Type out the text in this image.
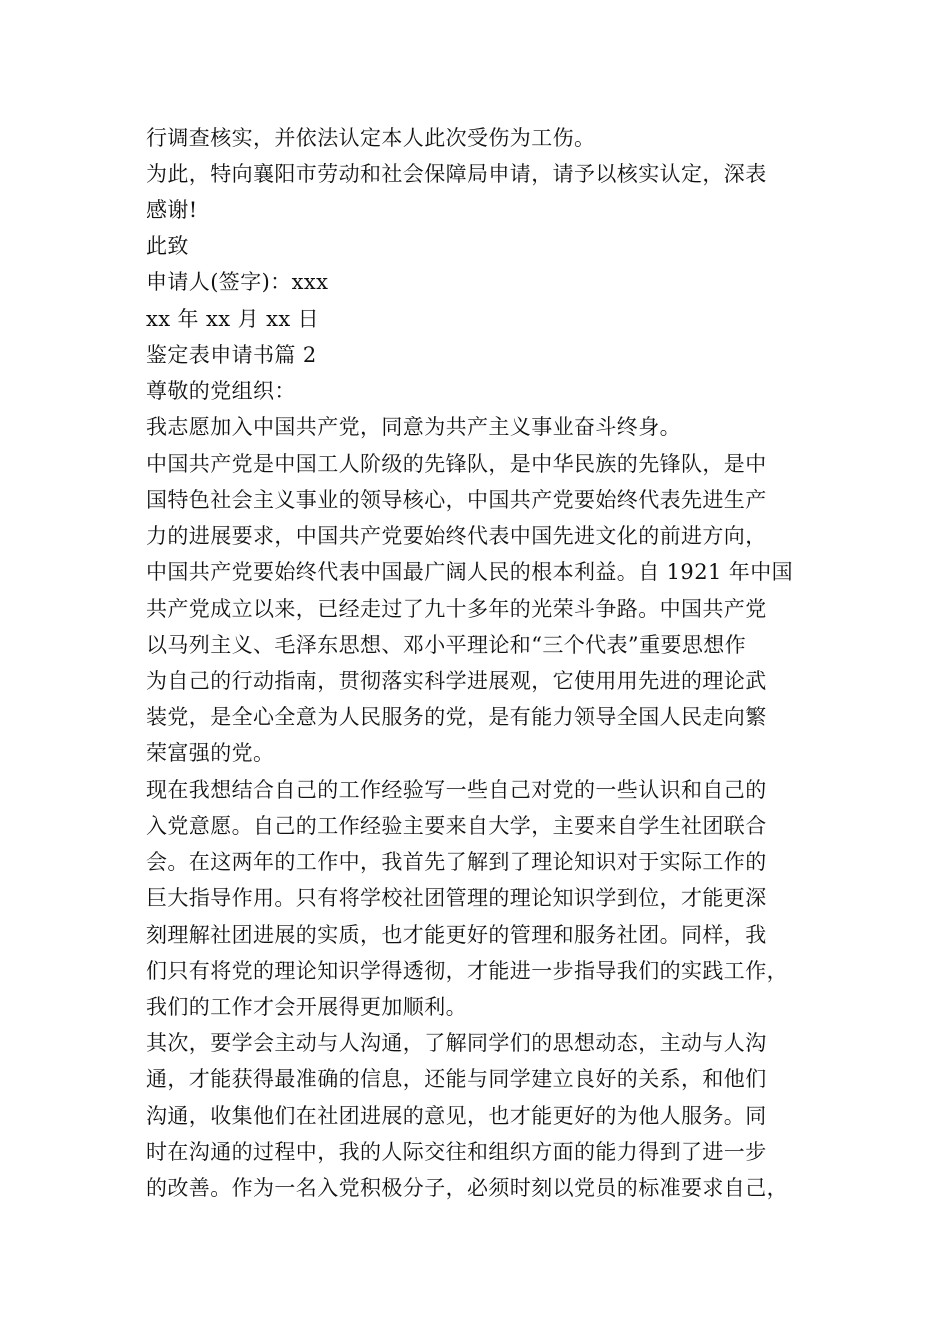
行调查核实，并依法认定本人此次受伤为工伤。
为此，特向襄阳市劳动和社会保障局申请，请予以核实认定，深表
感谢!
此致
申请人(签字)：xxx
xx 年 xx 月 xx 日
鉴定表申请书篇 2
尊敬的党组织：
我志愿加入中国共产党，同意为共产主义事业奋斗终身。
中国共产党是中国工人阶级的先锋队，是中华民族的先锋队，是中
国特色社会主义事业的领导核心，中国共产党要始终代表先进生产
力的进展要求，中国共产党要始终代表中国先进文化的前进方向，
中国共产党要始终代表中国最广阔人民的根本利益。自 1921 年中国
共产党成立以来，已经走过了九十多年的光荣斗争路。中国共产党
以马列主义、毛泽东思想、邓小平理论和“三个代表”重要思想作
为自己的行动指南，贯彻落实科学进展观，它使用用先进的理论武
装党，是全心全意为人民服务的党，是有能力领导全国人民走向繁
荣富强的党。
现在我想结合自己的工作经验写一些自己对党的一些认识和自己的
入党意愿。自己的工作经验主要来自大学，主要来自学生社团联合
会。在这两年的工作中，我首先了解到了理论知识对于实际工作的
巨大指导作用。只有将学校社团管理的理论知识学到位，才能更深
刻理解社团进展的实质，也才能更好的管理和服务社团。同样，我
们只有将党的理论知识学得透彻，才能进一步指导我们的实践工作，
我们的工作才会开展得更加顺利。
其次，要学会主动与人沟通，了解同学们的思想动态，主动与人沟
通，才能获得最准确的信息，还能与同学建立良好的关系，和他们
沟通，收集他们在社团进展的意见，也才能更好的为他人服务。同
时在沟通的过程中，我的人际交往和组织方面的能力得到了进一步
的改善。作为一名入党积极分子，必须时刻以党员的标准要求自己，
